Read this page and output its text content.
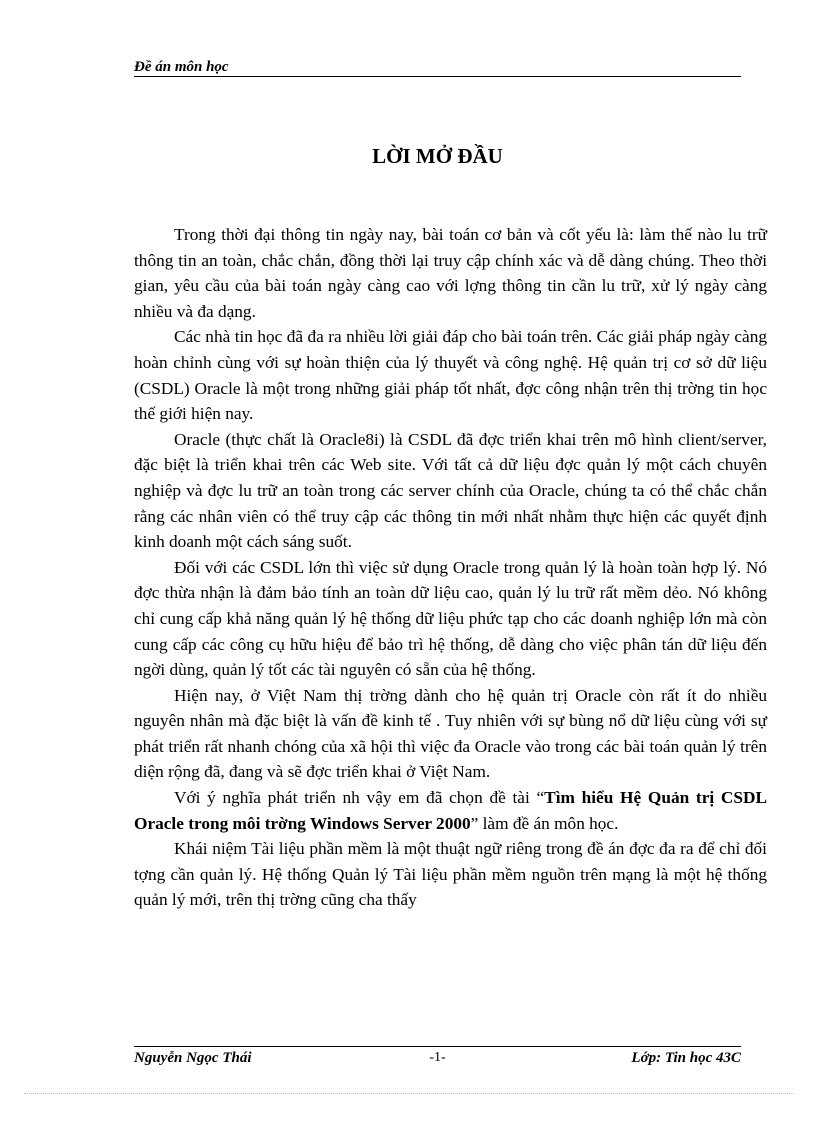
Đề án môn học
LỜI MỞ ĐẦU

Trong thời đại thông tin ngày nay, bài toán cơ bản và cốt yếu là: làm thế nào lu trữ thông tin an toàn, chắc chắn, đồng thời lại truy cập chính xác và dễ dàng chúng. Theo thời gian, yêu cầu của bài toán ngày càng cao với lợng thông tin cần lu trữ, xử lý ngày càng nhiều và đa dạng.

Các nhà tin học đã đa ra nhiều lời giải đáp cho bài toán trên. Các giải pháp ngày càng hoàn chỉnh cùng với sự hoàn thiện của lý thuyết và công nghệ. Hệ quản trị cơ sở dữ liệu (CSDL) Oracle là một trong những giải pháp tốt nhất, đợc công nhận trên thị trờng tin học thế giới hiện nay.

Oracle (thực chất là Oracle8i) là CSDL đã đợc triển khai trên mô hình client/server, đặc biệt là triển khai trên các Web site. Với tất cả dữ liệu đợc quản lý một cách chuyên nghiệp và đợc lu trữ an toàn trong các server chính của Oracle, chúng ta có thể chắc chắn rằng các nhân viên có thể truy cập các thông tin mới nhất nhằm thực hiện các quyết định kinh doanh một cách sáng suốt.

Đối với các CSDL lớn thì việc sử dụng Oracle trong quản lý là hoàn toàn hợp lý. Nó đợc thừa nhận là đảm bảo tính an toàn dữ liệu cao, quản lý lu trữ rất mềm dẻo. Nó không chỉ cung cấp khả năng quản lý hệ thống dữ liệu phức tạp cho các doanh nghiệp lớn mà còn cung cấp các công cụ hữu hiệu để bảo trì hệ thống, dễ dàng cho việc phân tán dữ liệu đến ngời dùng, quản lý tốt các tài nguyên có sẵn của hệ thống.

Hiện nay, ở Việt Nam thị trờng dành cho hệ quản trị Oracle còn rất ít do nhiều nguyên nhân mà đặc biệt là vấn đề kinh tế . Tuy nhiên với sự bùng nổ dữ liệu cùng với sự phát triển rất nhanh chóng của xã hội thì việc đa Oracle vào trong các bài toán quản lý trên diện rộng đã, đang và sẽ đợc triển khai ở Việt Nam.

Với ý nghĩa phát triển nh vậy em đã chọn đề tài “Tìm hiểu Hệ Quản trị CSDL Oracle trong môi trờng Windows Server 2000” làm đề án môn học.

Khái niệm Tài liệu phần mềm là một thuật ngữ riêng trong đề án đợc đa ra để chỉ đối tợng cần quản lý. Hệ thống Quản lý Tài liệu phần mềm nguồn trên mạng là một hệ thống quản lý mới, trên thị trờng cũng cha thấy

Nguyễn Ngọc Thái	-1-	Lớp: Tin học 43C
